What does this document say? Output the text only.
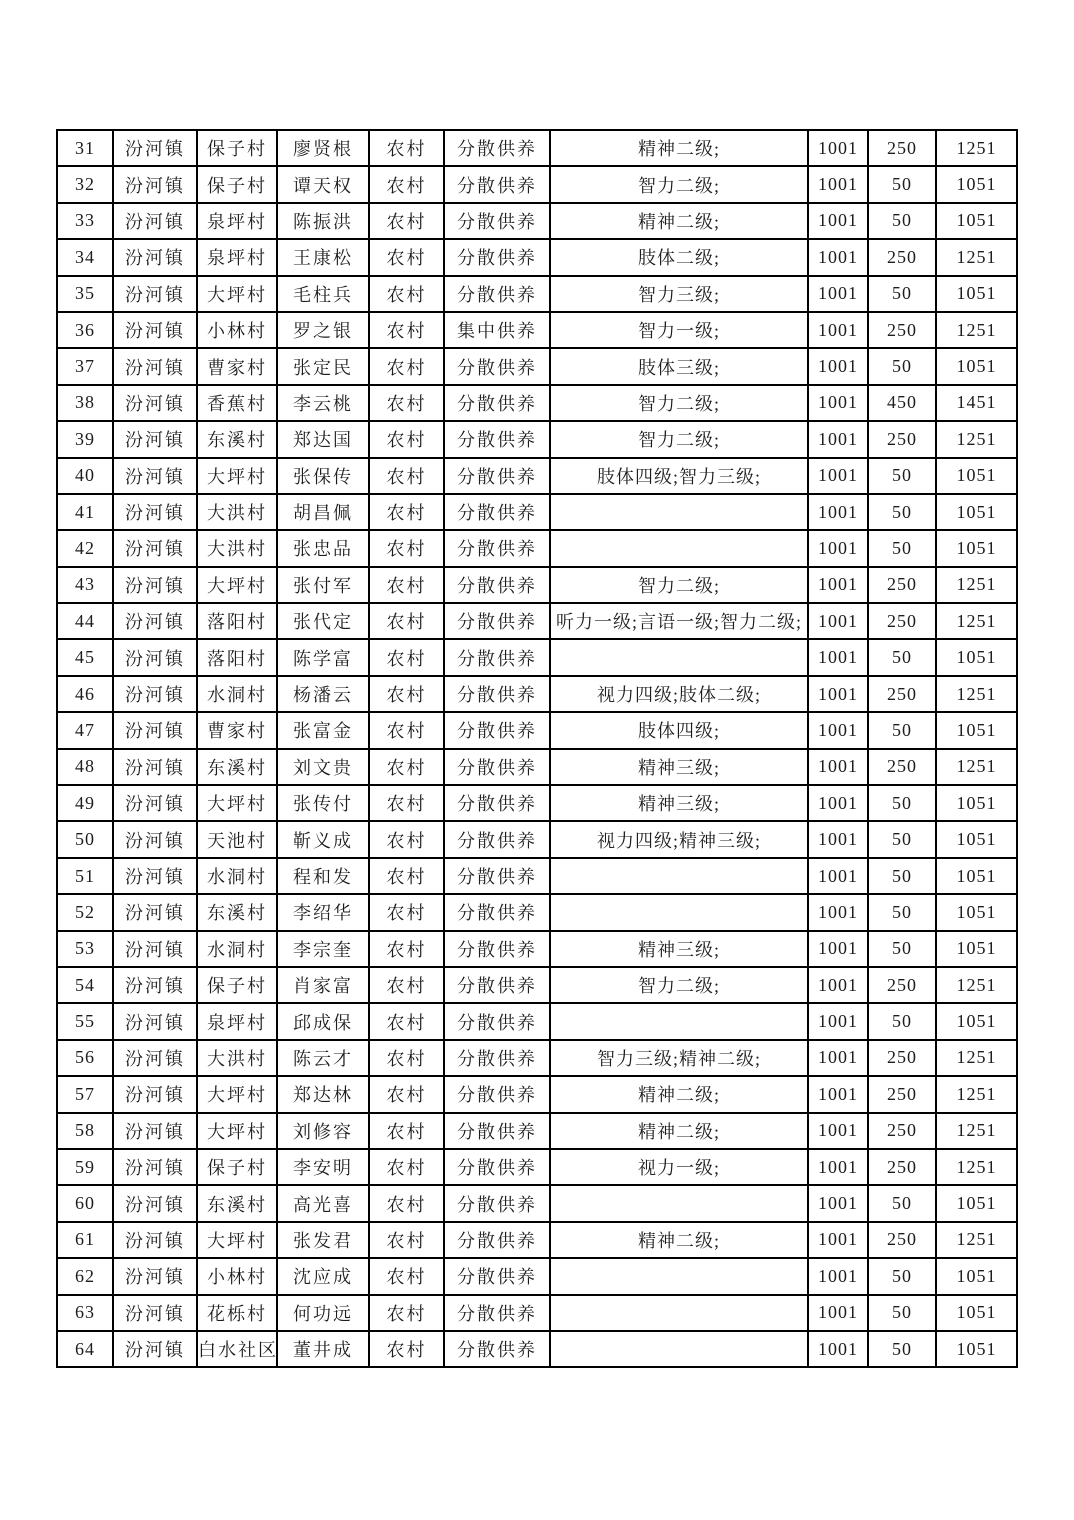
31	汾河镇	保子村	廖贤根	农村	分散供养	精神二级;	1001	250	1251
32	汾河镇	保子村	谭天权	农村	分散供养	智力二级;	1001	50	1051
33	汾河镇	泉坪村	陈振洪	农村	分散供养	精神二级;	1001	50	1051
34	汾河镇	泉坪村	王康松	农村	分散供养	肢体二级;	1001	250	1251
35	汾河镇	大坪村	毛柱兵	农村	分散供养	智力三级;	1001	50	1051
36	汾河镇	小林村	罗之银	农村	集中供养	智力一级;	1001	250	1251
37	汾河镇	曹家村	张定民	农村	分散供养	肢体三级;	1001	50	1051
38	汾河镇	香蕉村	李云桃	农村	分散供养	智力二级;	1001	450	1451
39	汾河镇	东溪村	郑达国	农村	分散供养	智力二级;	1001	250	1251
40	汾河镇	大坪村	张保传	农村	分散供养	肢体四级;智力三级;	1001	50	1051
41	汾河镇	大洪村	胡昌佩	农村	分散供养		1001	50	1051
42	汾河镇	大洪村	张忠品	农村	分散供养		1001	50	1051
43	汾河镇	大坪村	张付军	农村	分散供养	智力二级;	1001	250	1251
44	汾河镇	落阳村	张代定	农村	分散供养	听力一级;言语一级;智力二级;	1001	250	1251
45	汾河镇	落阳村	陈学富	农村	分散供养		1001	50	1051
46	汾河镇	水洞村	杨潘云	农村	分散供养	视力四级;肢体二级;	1001	250	1251
47	汾河镇	曹家村	张富金	农村	分散供养	肢体四级;	1001	50	1051
48	汾河镇	东溪村	刘文贵	农村	分散供养	精神三级;	1001	250	1251
49	汾河镇	大坪村	张传付	农村	分散供养	精神三级;	1001	50	1051
50	汾河镇	天池村	靳义成	农村	分散供养	视力四级;精神三级;	1001	50	1051
51	汾河镇	水洞村	程和发	农村	分散供养		1001	50	1051
52	汾河镇	东溪村	李绍华	农村	分散供养		1001	50	1051
53	汾河镇	水洞村	李宗奎	农村	分散供养	精神三级;	1001	50	1051
54	汾河镇	保子村	肖家富	农村	分散供养	智力二级;	1001	250	1251
55	汾河镇	泉坪村	邱成保	农村	分散供养		1001	50	1051
56	汾河镇	大洪村	陈云才	农村	分散供养	智力三级;精神二级;	1001	250	1251
57	汾河镇	大坪村	郑达林	农村	分散供养	精神二级;	1001	250	1251
58	汾河镇	大坪村	刘修容	农村	分散供养	精神二级;	1001	250	1251
59	汾河镇	保子村	李安明	农村	分散供养	视力一级;	1001	250	1251
60	汾河镇	东溪村	高光喜	农村	分散供养		1001	50	1051
61	汾河镇	大坪村	张发君	农村	分散供养	精神二级;	1001	250	1251
62	汾河镇	小林村	沈应成	农村	分散供养		1001	50	1051
63	汾河镇	花栎村	何功远	农村	分散供养		1001	50	1051
64	汾河镇	白水社区	董井成	农村	分散供养		1001	50	1051
